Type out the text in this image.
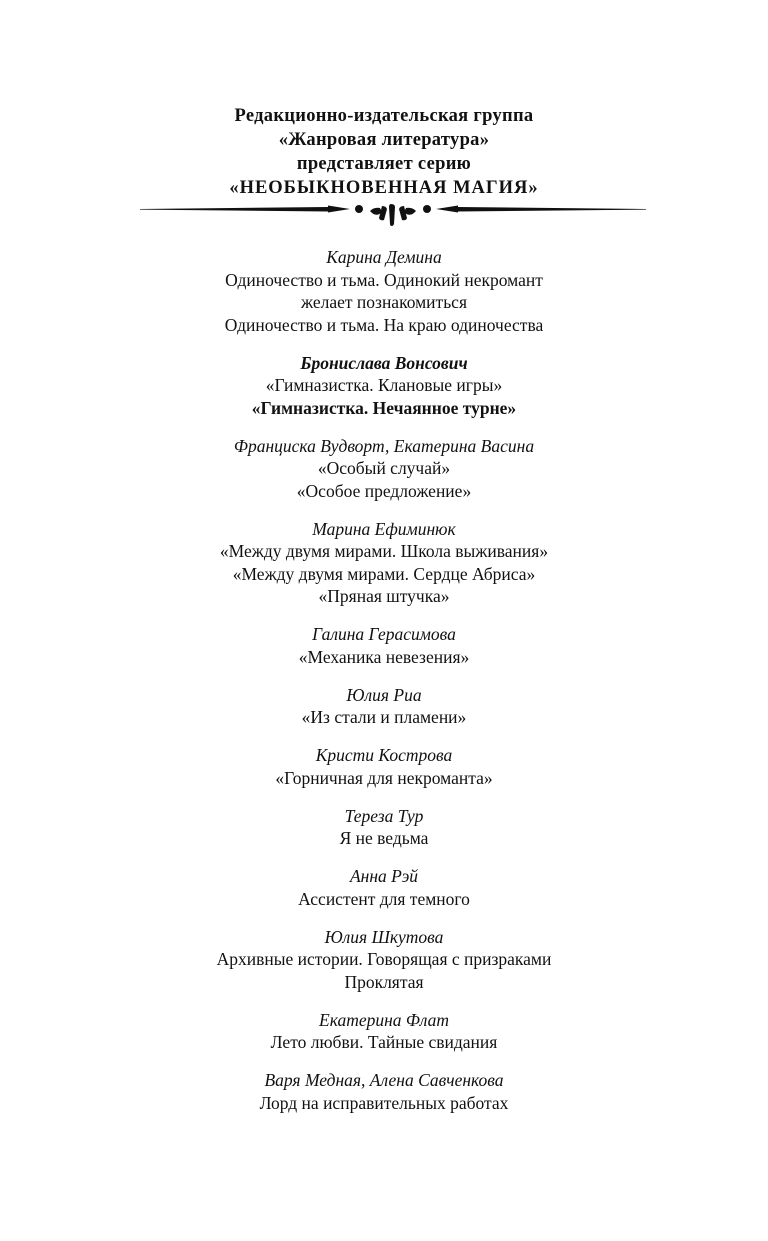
Редакционно-издательская группа
«Жанровая литература»
представляет серию
«НЕОБЫКНОВЕННАЯ МАГИЯ»
Карина Демина
Одиночество и тьма. Одинокий некромант
желает познакомиться
Одиночество и тьма. На краю одиночества
Бронислава Вонсович
«Гимназистка. Клановые игры»
«Гимназистка. Нечаянное турне»
Франциска Вудворт, Екатерина Васина
«Особый случай»
«Особое предложение»
Марина Ефиминюк
«Между двумя мирами. Школа выживания»
«Между двумя мирами. Сердце Абриса»
«Пряная штучка»
Галина Герасимова
«Механика невезения»
Юлия Риа
«Из стали и пламени»
Кристи Кострова
«Горничная для некроманта»
Тереза Тур
Я не ведьма
Анна Рэй
Ассистент для темного
Юлия Шкутова
Архивные истории. Говорящая с призраками
Проклятая
Екатерина Флат
Лето любви. Тайные свидания
Варя Медная, Алена Савченкова
Лорд на исправительных работах
